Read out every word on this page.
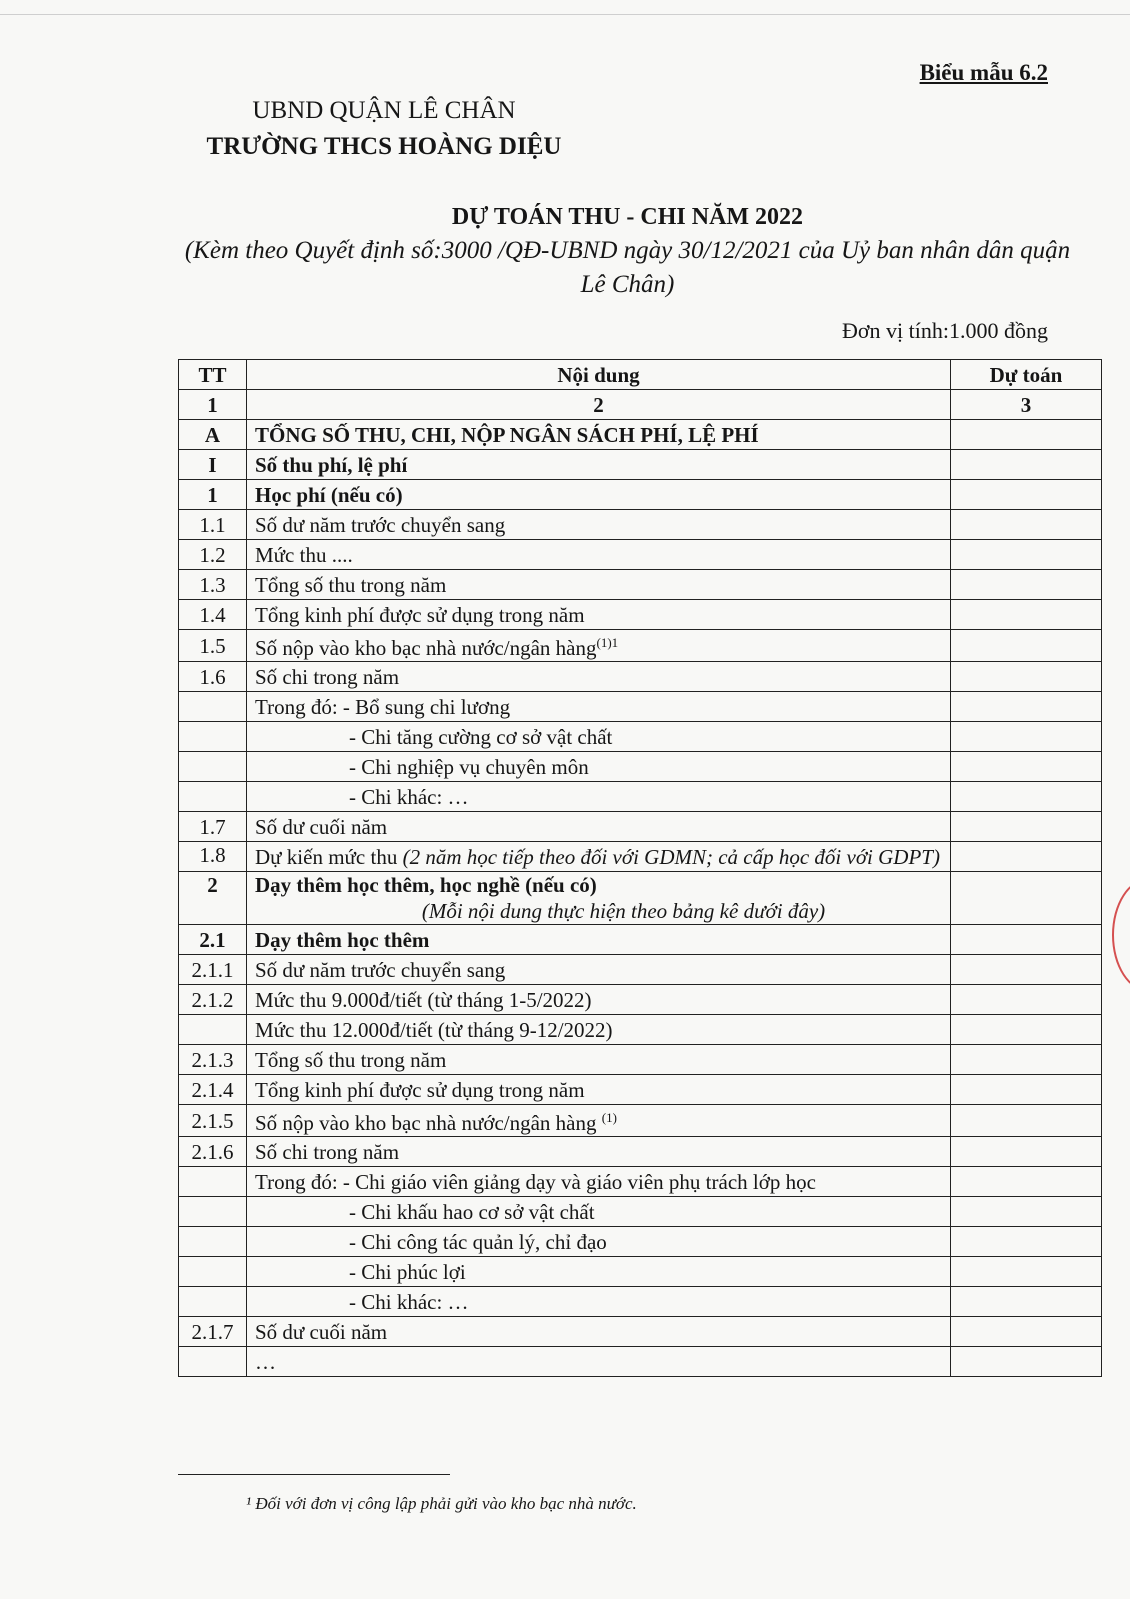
Biểu mẫu 6.2
UBND QUẬN LÊ CHÂN
TRƯỜNG THCS HOÀNG DIỆU
DỰ TOÁN THU - CHI NĂM 2022
(Kèm theo Quyết định số:3000 /QĐ-UBND ngày 30/12/2021 của Uỷ ban nhân dân quận Lê Chân)
Đơn vị tính:1.000 đồng
TT	Nội dung	Dự toán
1	2	3
A	TỔNG SỐ THU, CHI, NỘP NGÂN SÁCH PHÍ, LỆ PHÍ	
I	Số thu phí, lệ phí	
1	Học phí (nếu có)	
1.1	Số dư năm trước chuyển sang	
1.2	Mức thu ....	
1.3	Tổng số thu trong năm	
1.4	Tổng kinh phí được sử dụng trong năm	
1.5	Số nộp vào kho bạc nhà nước/ngân hàng$^{(1)1}$	
1.6	Số chi trong năm	
	Trong đó: - Bổ sung chi lương	
	- Chi tăng cường cơ sở vật chất	
	- Chi nghiệp vụ chuyên môn	
	- Chi khác: …	
1.7	Số dư cuối năm	
1.8	Dự kiến mức thu (2 năm học tiếp theo đối với GDMN; cả cấp học đối với GDPT)	
2	Dạy thêm học thêm, học nghề (nếu có)
(Mỗi nội dung thực hiện theo bảng kê dưới đây)	

2.1	Dạy thêm học thêm	
2.1.1	Số dư năm trước chuyển sang	
2.1.2	Mức thu 9.000đ/tiết (từ tháng 1-5/2022)	
	Mức thu 12.000đ/tiết (từ tháng 9-12/2022)	
2.1.3	Tổng số thu trong năm	
2.1.4	Tổng kinh phí được sử dụng trong năm	
2.1.5	Số nộp vào kho bạc nhà nước/ngân hàng $^{(1)}$	
2.1.6	Số chi trong năm	
	Trong đó: - Chi giáo viên giảng dạy và giáo viên phụ trách lớp học	
	- Chi khấu hao cơ sở vật chất	
	- Chi công tác quản lý, chỉ đạo	
	- Chi phúc lợi	
	- Chi khác: …	
2.1.7	Số dư cuối năm	
	…	
¹ Đối với đơn vị công lập phải gửi vào kho bạc nhà nước.
